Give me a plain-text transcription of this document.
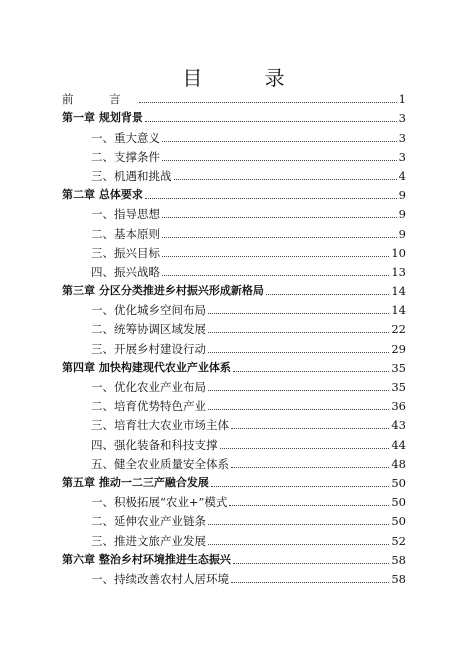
目 录
前 言	1
第一章 规划背景	3
一、重大意义	3
二、支撑条件	3
三、机遇和挑战	4
第二章 总体要求	9
一、指导思想	9
二、基本原则	9
三、振兴目标	10
四、振兴战略	13
第三章 分区分类推进乡村振兴形成新格局	14
一、优化城乡空间布局	14
二、统筹协调区域发展	22
三、开展乡村建设行动	29
第四章 加快构建现代农业产业体系	35
一、优化农业产业布局	35
二、培育优势特色产业	36
三、培育壮大农业市场主体	43
四、强化装备和科技支撑	44
五、健全农业质量安全体系	48
第五章 推动一二三产融合发展	50
一、积极拓展“农业+”模式	50
二、延伸农业产业链条	50
三、推进文旅产业发展	52
第六章 整治乡村环境推进生态振兴	58
一、持续改善农村人居环境	58
